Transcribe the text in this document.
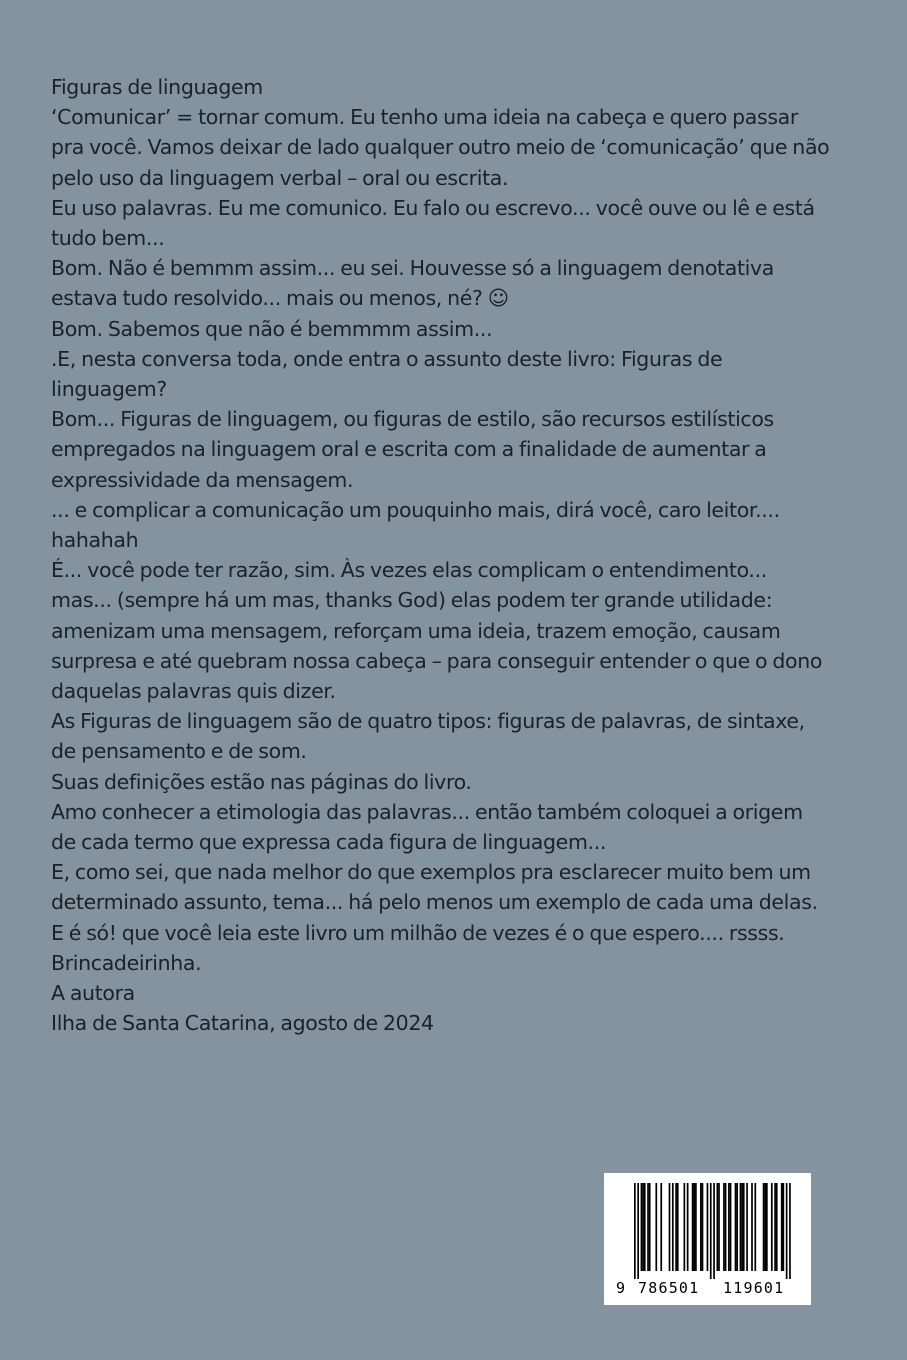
Figuras de linguagem

‘Comunicar’ = tornar comum. Eu tenho uma ideia na cabeça e quero passar pra você. Vamos deixar de lado qualquer outro meio de ‘comunicação’ que não pelo uso da linguagem verbal – oral ou escrita.

Eu uso palavras. Eu me comunico. Eu falo ou escrevo... você ouve ou lê e está tudo bem...

Bom. Não é bemmm assim... eu sei. Houvesse só a linguagem denotativa estava tudo resolvido... mais ou menos, né? ☺

Bom. Sabemos que não é bemmmm assim...

.E, nesta conversa toda, onde entra o assunto deste livro: Figuras de linguagem?

Bom... Figuras de linguagem, ou figuras de estilo, são recursos estilísticos empregados na linguagem oral e escrita com a finalidade de aumentar a expressividade da mensagem.

... e complicar a comunicação um pouquinho mais, dirá você, caro leitor.... hahahah

É... você pode ter razão, sim. Às vezes elas complicam o entendimento... mas... (sempre há um mas, thanks God) elas podem ter grande utilidade: amenizam uma mensagem, reforçam uma ideia, trazem emoção, causam surpresa e até quebram nossa cabeça – para conseguir entender o que o dono daquelas palavras quis dizer.

As Figuras de linguagem são de quatro tipos: figuras de palavras, de sintaxe, de pensamento e de som.

Suas definições estão nas páginas do livro.

Amo conhecer a etimologia das palavras... então também coloquei a origem de cada termo que expressa cada figura de linguagem...

E, como sei, que nada melhor do que exemplos pra esclarecer muito bem um determinado assunto, tema... há pelo menos um exemplo de cada uma delas.

E é só! que você leia este livro um milhão de vezes é o que espero.... rssss. Brincadeirinha.

A autora

Ilha de Santa Catarina, agosto de 2024

9 786501 119601
